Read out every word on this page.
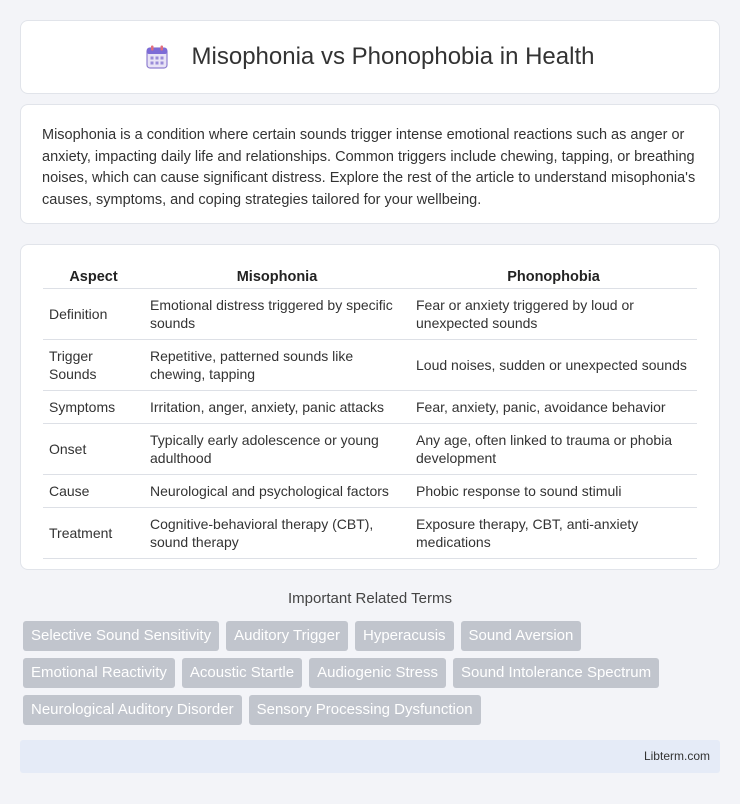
Misophonia vs Phonophobia in Health

Misophonia is a condition where certain sounds trigger intense emotional reactions such as anger or anxiety, impacting daily life and relationships. Common triggers include chewing, tapping, or breathing noises, which can cause significant distress. Explore the rest of the article to understand misophonia's causes, symptoms, and coping strategies tailored for your wellbeing.

Aspect	Misophonia	Phonophobia
Definition	Emotional distress triggered by specific sounds	Fear or anxiety triggered by loud or unexpected sounds
Trigger Sounds	Repetitive, patterned sounds like chewing, tapping	Loud noises, sudden or unexpected sounds
Symptoms	Irritation, anger, anxiety, panic attacks	Fear, anxiety, panic, avoidance behavior
Onset	Typically early adolescence or young adulthood	Any age, often linked to trauma or phobia development
Cause	Neurological and psychological factors	Phobic response to sound stimuli
Treatment	Cognitive-behavioral therapy (CBT), sound therapy	Exposure therapy, CBT, anti-anxiety medications
Important Related Terms
Selective Sound Sensitivity	Auditory Trigger	Hyperacusis	Sound Aversion
Emotional Reactivity	Acoustic Startle	Audiogenic Stress	Sound Intolerance Spectrum
Neurological Auditory Disorder	Sensory Processing Dysfunction
Libterm.com
